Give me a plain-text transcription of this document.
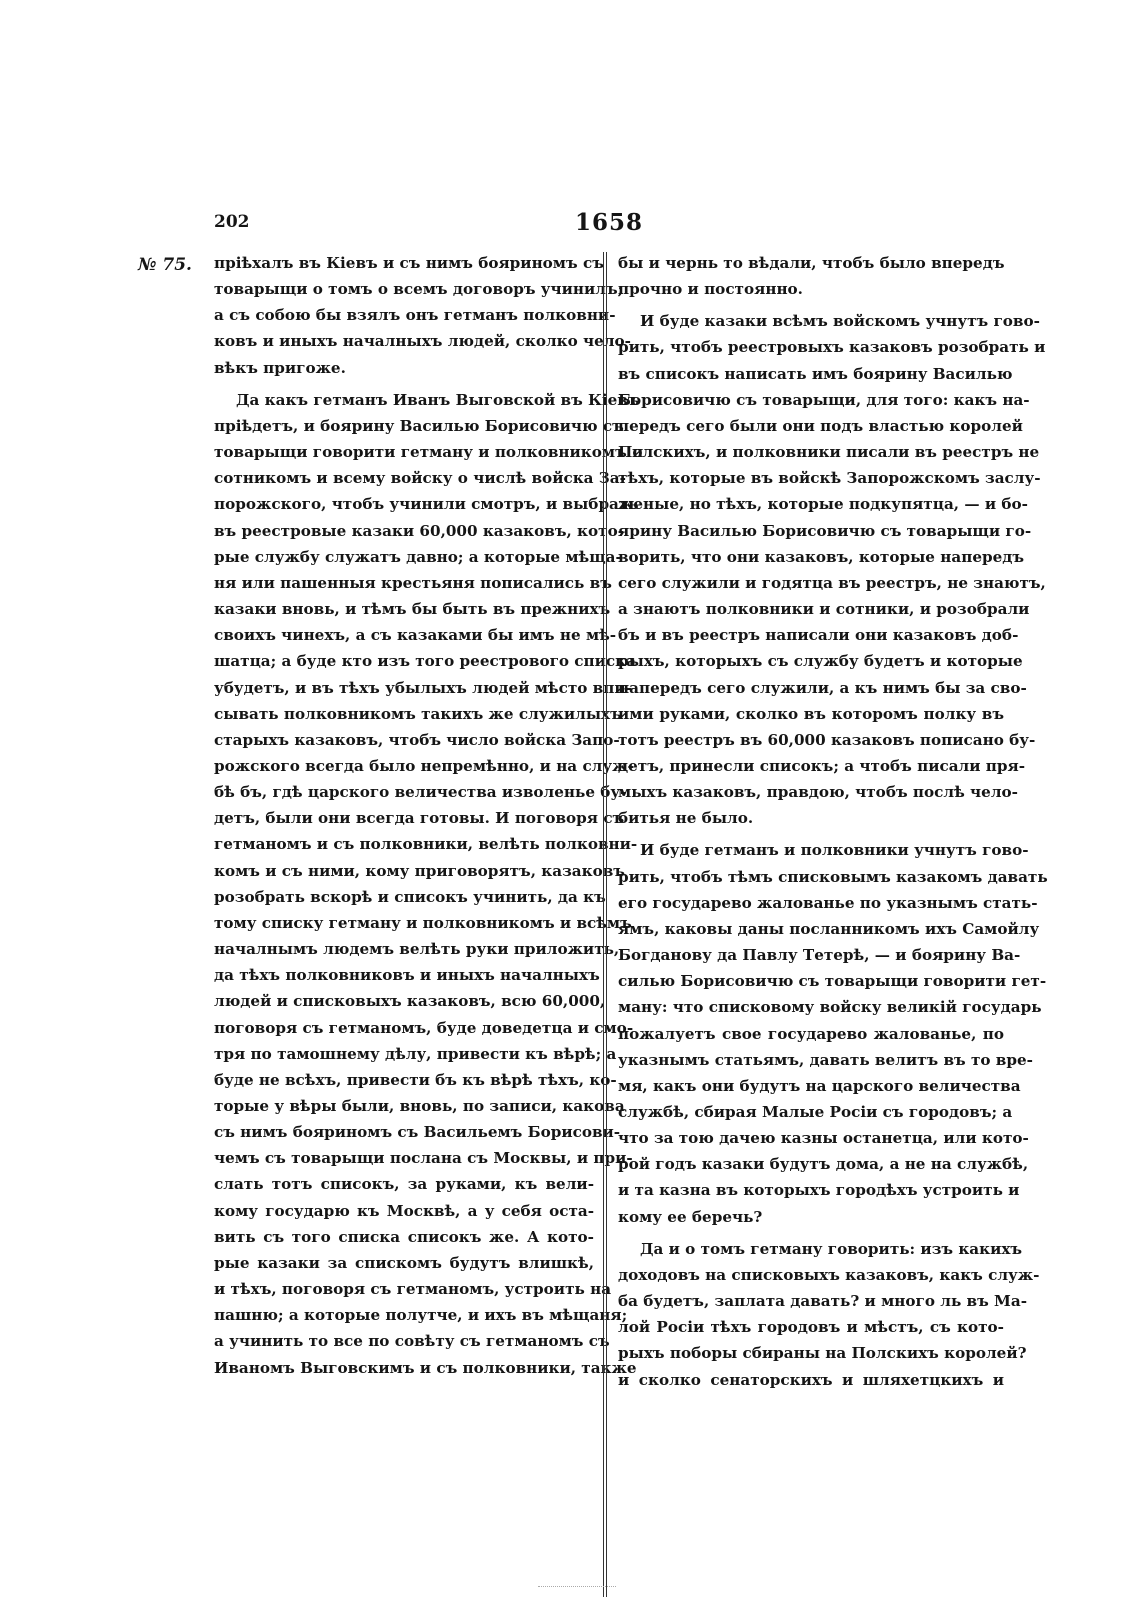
202	1658
№ 75. пріѣхалъ въ Кіевъ и съ нимъ бояриномъ съ
товарыщи о томъ о всемъ договоръ учинилъ;
а съ собою бы взялъ онъ гетманъ полковни-
ковъ и иныхъ началныхъ людей, сколко чело-
вѣкъ пригоже.
Да какъ гетманъ Иванъ Выговской въ Кіевъ
пріѣдетъ, и боярину Василью Борисовичю съ
товарыщи говорити гетману и полковникомъ и
сотникомъ и всему войску о числѣ войска За-
порожского, чтобъ учинили смотръ, и выбрать
въ реестровые казаки 60,000 казаковъ, кото-
рые службу служатъ давно; а которые мѣща-
ня или пашенныя крестьяня пописались въ
казаки вновь, и тѣмъ бы быть въ прежнихъ
своихъ чинехъ, а съ казаками бы имъ не мѣ-
шатца; а буде кто изъ того реестрового списка
убудетъ, и въ тѣхъ убылыхъ людей мѣсто впи-
сывать полковникомъ такихъ же служилыхъ
старыхъ казаковъ, чтобъ число войска Запо-
рожского всегда было непремѣнно, и на служ-
бѣ бъ, гдѣ царского величества изволенье бу-
детъ, были они всегда готовы. И поговоря съ
гетманомъ и съ полковники, велѣть полковни-
комъ и съ ними, кому приговорятъ, казаковъ
розобрать вскорѣ и списокъ учинить, да къ
тому списку гетману и полковникомъ и всѣмъ
началнымъ людемъ велѣть руки приложить,
да тѣхъ полковниковъ и иныхъ началныхъ
людей и списковыхъ казаковъ, всю 60,000,
поговоря съ гетманомъ, буде доведетца и смо-
тря по тамошнему дѣлу, привести къ вѣрѣ; а
буде не всѣхъ, привести бъ къ вѣрѣ тѣхъ, ко-
торые у вѣры были, вновь, по записи, какова
съ нимъ бояриномъ съ Васильемъ Борисови-
чемъ съ товарыщи послана съ Москвы, и при-
слать тотъ списокъ, за руками, къ вели-
кому государю къ Москвѣ, а у себя оста-
вить съ того списка списокъ же. А кото-
рые казаки за спискомъ будутъ влишкѣ,
и тѣхъ, поговоря съ гетманомъ, устроить на
пашню; а которые полутче, и ихъ въ мѣщаня;
а учинить то все по совѣту съ гетманомъ съ
Иваномъ Выговскимъ и съ полковники, также
бы и чернь то вѣдали, чтобъ было впередъ
прочно и постоянно.
И буде казаки всѣмъ войскомъ учнутъ гово-
рить, чтобъ реестровыхъ казаковъ розобрать и
въ списокъ написать имъ боярину Василью
Борисовичю съ товарыщи, для того: какъ на-
передъ сего были они подъ властью королей
Полскихъ, и полковники писали въ реестръ не
тѣхъ, которые въ войскѣ Запорожскомъ заслу-
женые, но тѣхъ, которые подкупятца, — и бо-
ярину Василью Борисовичю съ товарыщи го-
ворить, что они казаковъ, которые напередъ
сего служили и годятца въ реестръ, не знаютъ,
а знаютъ полковники и сотники, и розобрали
бъ и въ реестръ написали они казаковъ доб-
рыхъ, которыхъ съ службу будетъ и которые
напередъ сего служили, а къ нимъ бы за сво-
ими руками, сколко въ которомъ полку въ
тотъ реестръ въ 60,000 казаковъ пописано бу-
детъ, принесли списокъ; а чтобъ писали пря-
мыхъ казаковъ, правдою, чтобъ послѣ чело-
битья не было.
И буде гетманъ и полковники учнутъ гово-
рить, чтобъ тѣмъ списковымъ казакомъ давать
его государево жалованье по указнымъ стать-
ямъ, каковы даны посланникомъ ихъ Самойлу
Богданову да Павлу Тетерѣ, — и боярину Ва-
силью Борисовичю съ товарыщи говорити гет-
ману: что списковому войску великій государь
пожалуетъ свое государево жалованье, по
указнымъ статьямъ, давать велитъ въ то вре-
мя, какъ они будутъ на царского величества
службѣ, сбирая Малые Росіи съ городовъ; а
что за тою дачею казны останетца, или кото-
рой годъ казаки будутъ дома, а не на службѣ,
и та казна въ которыхъ городѣхъ устроить и
кому ее беречь?
Да и о томъ гетману говорить: изъ какихъ
доходовъ на списковыхъ казаковъ, какъ служ-
ба будетъ, заплата давать? и много ль въ Ма-
лой Росіи тѣхъ городовъ и мѣстъ, съ кото-
рыхъ поборы сбираны на Полскихъ королей?
и сколко сенаторскихъ и шляхетцкихъ и
